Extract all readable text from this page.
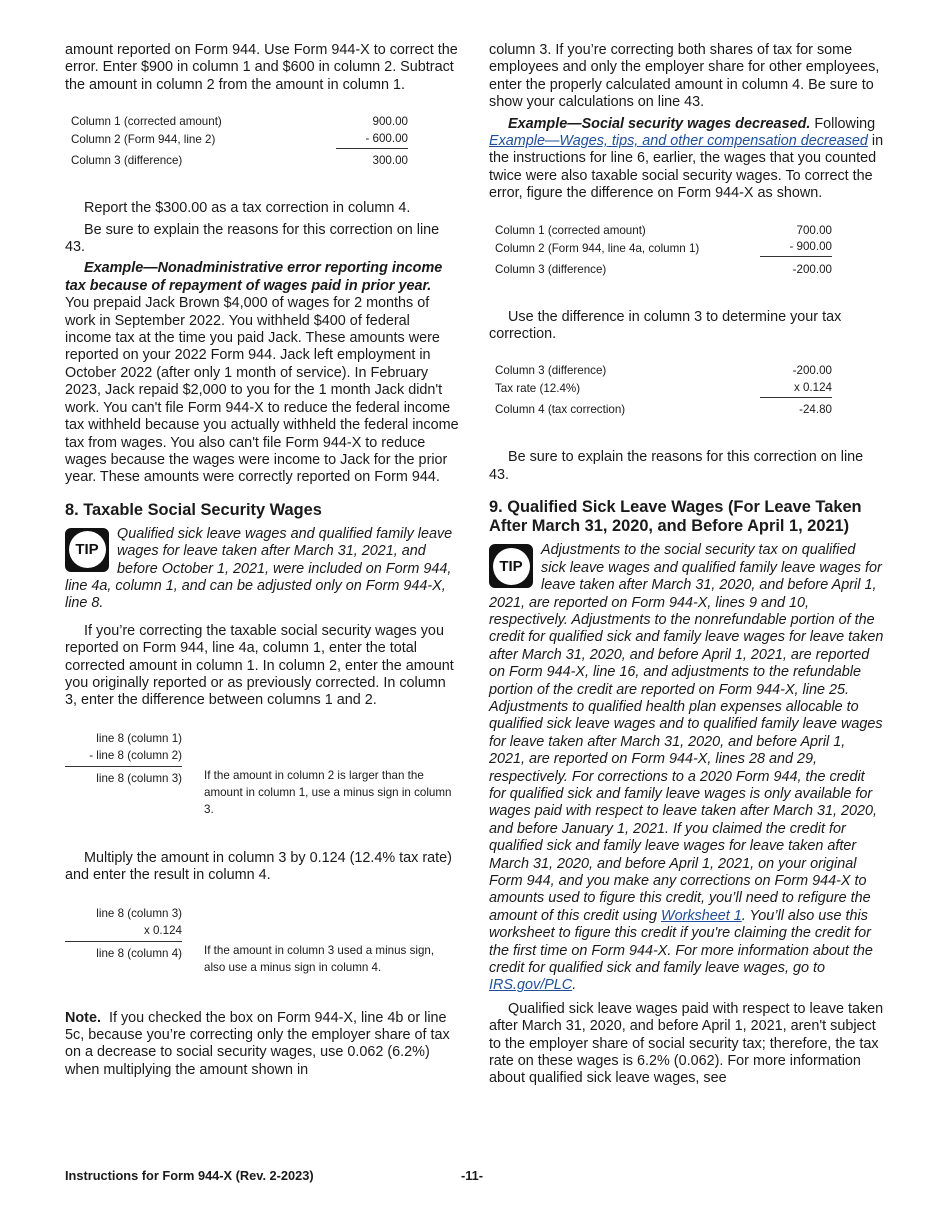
amount reported on Form 944. Use Form 944-X to correct the error. Enter $900 in column 1 and $600 in column 2. Subtract the amount in column 2 from the amount in column 1.

Column 1 (corrected amount)	900.00
Column 2 (Form 944, line 2)	- 600.00
Column 3 (difference)	300.00

Report the $300.00 as a tax correction in column 4.

Be sure to explain the reasons for this correction on line 43.

Example—Nonadministrative error reporting income tax because of repayment of wages paid in prior year.  You prepaid Jack Brown $4,000 of wages for 2 months of work in September 2022. You withheld $400 of federal income tax at the time you paid Jack. These amounts were reported on your 2022 Form 944. Jack left employment in October 2022 (after only 1 month of service). In February 2023, Jack repaid $2,000 to you for the 1 month Jack didn't work. You can't file Form 944-X to reduce the federal income tax withheld because you actually withheld the federal income tax from wages. You also can't file Form 944-X to reduce wages because the wages were income to Jack for the prior year. These amounts were correctly reported on Form 944.

8. Taxable Social Security Wages
TIP
Qualified sick leave wages and qualified family leave wages for leave taken after March 31, 2021, and before October 1, 2021, were included on Form 944, line 4a, column 1, and can be adjusted only on Form 944-X, line 8.

If you’re correcting the taxable social security wages you reported on Form 944, line 4a, column 1, enter the total corrected amount in column 1. In column 2, enter the amount you originally reported or as previously corrected. In column 3, enter the difference between columns 1 and 2.

line 8 (column 1)
- line 8 (column 2)
line 8 (column 3) If the amount in column 2 is larger than the amount in column 1, use a minus sign in column 3.

Multiply the amount in column 3 by 0.124 (12.4% tax rate) and enter the result in column 4.

line 8 (column 3)
x 0.124
line 8 (column 4) If the amount in column 3 used a minus sign, also use a minus sign in column 4.

Note. If you checked the box on Form 944-X, line 4b or line 5c, because you’re correcting only the employer share of tax on a decrease to social security wages, use 0.062 (6.2%) when multiplying the amount shown in

column 3. If you’re correcting both shares of tax for some employees and only the employer share for other employees, enter the properly calculated amount in column 4. Be sure to show your calculations on line 43.

Example—Social security wages decreased. Following Example—Wages, tips, and other compensation decreased in the instructions for line 6, earlier, the wages that you counted twice were also taxable social security wages. To correct the error, figure the difference on Form 944-X as shown.

Column 1 (corrected amount)	700.00
Column 2 (Form 944, line 4a, column 1)	- 900.00
Column 3 (difference)	-200.00

Use the difference in column 3 to determine your tax correction.

Column 3 (difference)	-200.00
Tax rate (12.4%)	x 0.124
Column 4 (tax correction)	-24.80

Be sure to explain the reasons for this correction on line 43.

9. Qualified Sick Leave Wages (For Leave Taken After March 31, 2020, and Before April 1, 2021)
TIP
Adjustments to the social security tax on qualified sick leave wages and qualified family leave wages for leave taken after March 31, 2020, and before April 1, 2021, are reported on Form 944-X, lines 9 and 10, respectively. Adjustments to the nonrefundable portion of the credit for qualified sick and family leave wages for leave taken after March 31, 2020, and before April 1, 2021, are reported on Form 944-X, line 16, and adjustments to the refundable portion of the credit are reported on Form 944-X, line 25. Adjustments to qualified health plan expenses allocable to qualified sick leave wages and to qualified family leave wages for leave taken after March 31, 2020, and before April 1, 2021, are reported on Form 944-X, lines 28 and 29, respectively. For corrections to a 2020 Form 944, the credit for qualified sick and family leave wages is only available for wages paid with respect to leave taken after March 31, 2020, and before January 1, 2021. If you claimed the credit for qualified sick and family leave wages for leave taken after March 31, 2020, and before April 1, 2021, on your original Form 944, and you make any corrections on Form 944-X to amounts used to figure this credit, you’ll need to refigure the amount of this credit using Worksheet 1. You’ll also use this worksheet to figure this credit if you're claiming the credit for the first time on Form 944-X. For more information about the credit for qualified sick and family leave wages, go to IRS.gov/PLC.

Qualified sick leave wages paid with respect to leave taken after March 31, 2020, and before April 1, 2021, aren't subject to the employer share of social security tax; therefore, the tax rate on these wages is 6.2% (0.062). For more information about qualified sick leave wages, see

Instructions for Form 944-X (Rev. 2-2023)	-11-
